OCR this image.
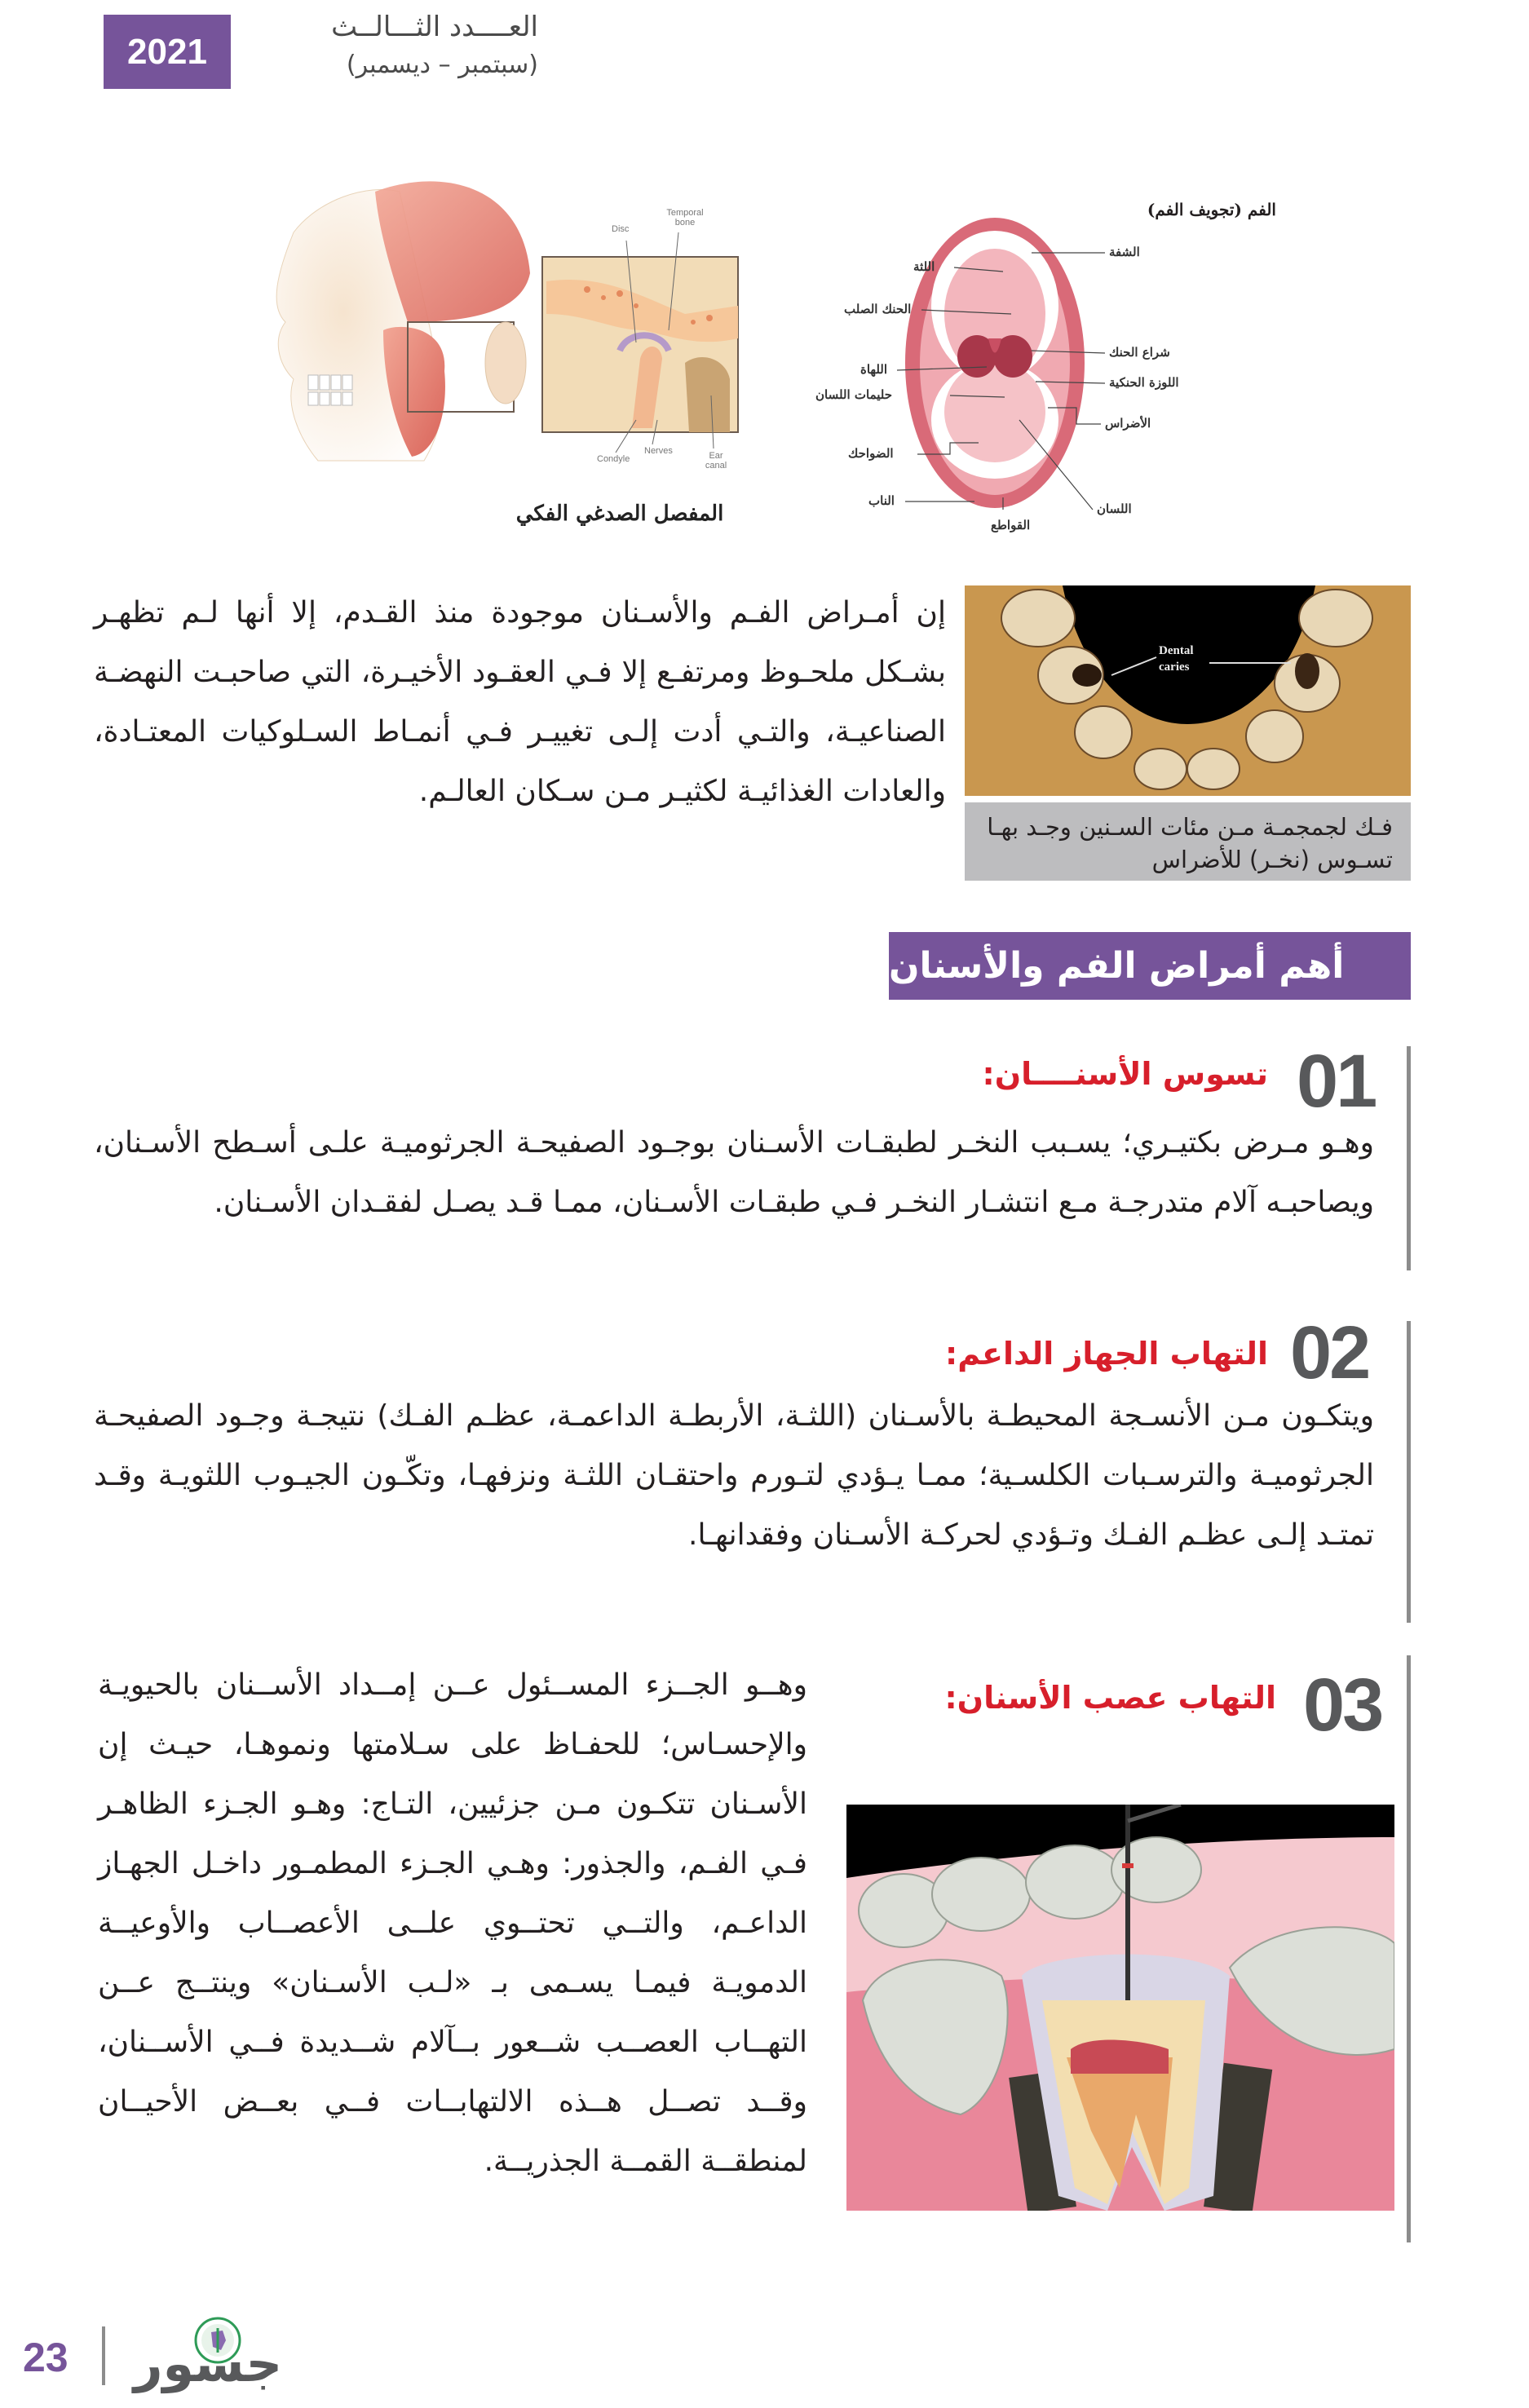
2021
العــــدد الثـــالــث
(سبتمبر – ديسمبر)
Disc
Temporal bone
Condyle
Nerves	Ear canal
المفصل الصدغي الفكي
الفم (تجويف الفم)
الشفة
شراع الحنك
اللوزة الحنكية
الأضراس
اللسان
اللثة
الحنك الصلب
اللهاة
حليمات اللسان
الضواحك
الناب
القواطع
إن أمـراض الفـم والأسـنان موجودة منذ القـدم، إلا أنها لـم تظهـر بشـكل ملحـوظ ومرتفـع إلا فـي العقـود الأخيـرة، التي صاحبـت النهضـة الصناعيـة، والتـي أدت إلـى تغييـر فـي أنمـاط السـلوكيات المعتـادة، والعادات الغذائيـة لكثيـر مـن سـكان العالـم.
Dental caries
فـك لجمجمـة مـن مئات السـنين وجـد بهـا تسـوس (نخـر) للأضراس
أهم أمراض الفم والأسنان
01
تسوس الأسنــــان:
وهـو مـرض بكتيـري؛ يسـبب النخـر لطبقـات الأسـنان بوجـود الصفيحـة الجرثوميـة علـى أسـطح الأسـنان، ويصاحبـه آلام متدرجـة مـع انتشـار النخـر فـي طبقـات الأسـنان، ممـا قـد يصـل لفقـدان الأسـنان.
02
التهاب الجهاز الداعم:
ويتكـون مـن الأنسـجة المحيطـة بالأسـنان (اللثـة، الأربطـة الداعمـة، عظـم الفـك) نتيجـة وجـود الصفيحـة الجرثوميـة والترسـبات الكلسـية؛ ممـا يـؤدي لتـورم واحتقـان اللثـة ونزفهـا، وتكّـون الجيـوب اللثويـة وقـد تمتـد إلـى عظـم الفـك وتـؤدي لحركـة الأسـنان وفقدانهـا.
03
التهاب عصب الأسنان:
وهــو الجــزء المســئول عــن إمــداد الأســنان بالحيويـة والإحسـاس؛ للحفـاظ على سـلامتها ونموهـا، حيـث إن الأسـنان تتكـون مـن جزئيين، التـاج: وهـو الجـزء الظاهـر فـي الفـم، والجذور: وهـي الجـزء المطمـور داخـل الجهـاز الداعـم، والتــي تحتــوي علــى الأعصــاب والأوعيــة الدمويـة فيمـا يسـمى بـ «لـب الأسـنان» وينتــج عــن التهــاب العصــب شــعور بــآلام شــديدة فــي الأســنان، وقــد تصــل هــذه الالتهابــات فــي بعــض الأحيــان لمنطقــة القمــة الجذريــة.
23	جسور
